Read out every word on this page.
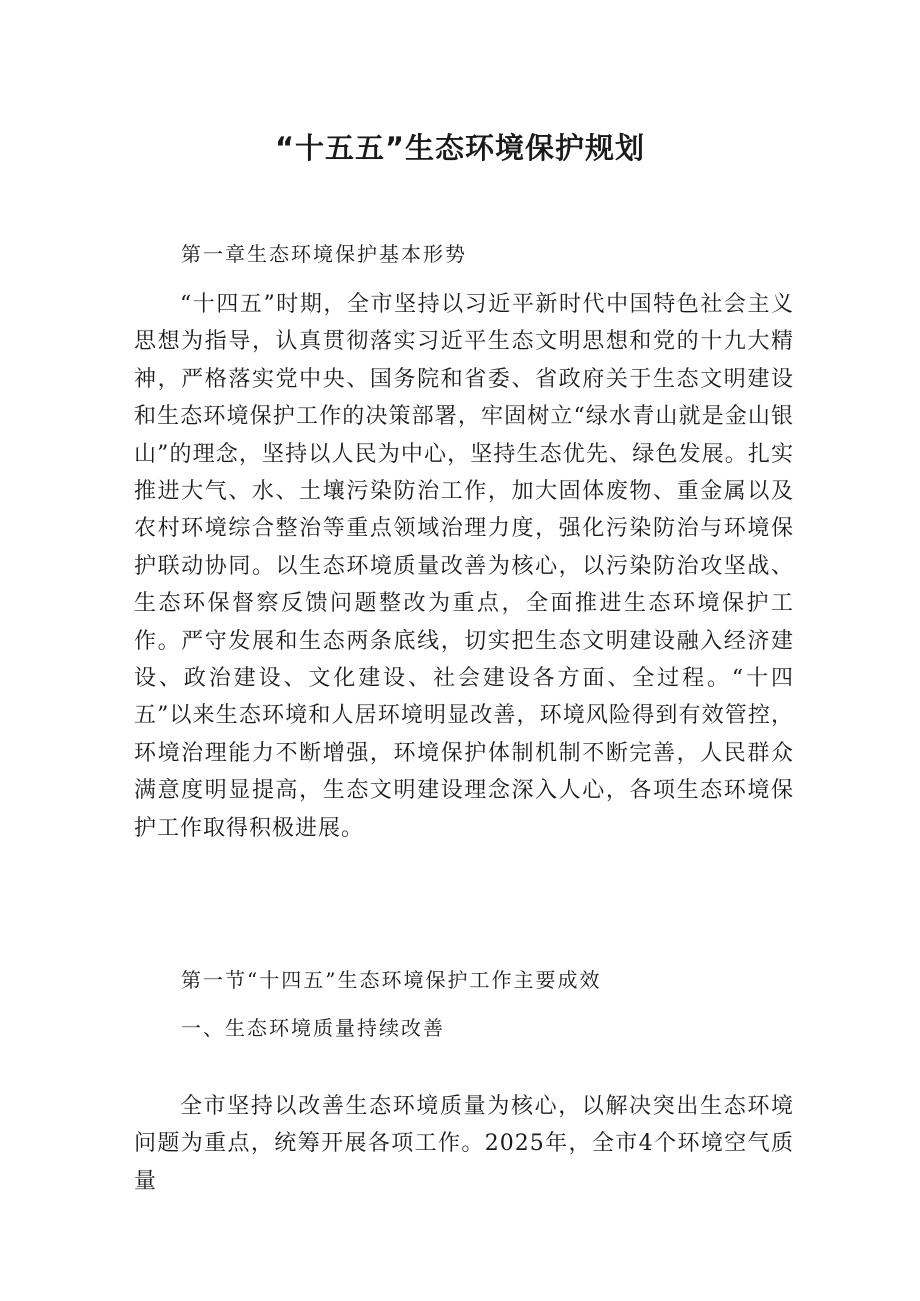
“十五五”生态环境保护规划

第一章生态环境保护基本形势

“十四五”时期，全市坚持以习近平新时代中国特色社会主义思想为指导，认真贯彻落实习近平生态文明思想和党的十九大精神，严格落实党中央、国务院和省委、省政府关于生态文明建设和生态环境保护工作的决策部署，牢固树立“绿水青山就是金山银山”的理念，坚持以人民为中心，坚持生态优先、绿色发展。扎实推进大气、水、土壤污染防治工作，加大固体废物、重金属以及农村环境综合整治等重点领域治理力度，强化污染防治与环境保护联动协同。以生态环境质量改善为核心，以污染防治攻坚战、生态环保督察反馈问题整改为重点，全面推进生态环境保护工作。严守发展和生态两条底线，切实把生态文明建设融入经济建设、政治建设、文化建设、社会建设各方面、全过程。“十四五”以来生态环境和人居环境明显改善，环境风险得到有效管控，环境治理能力不断增强，环境保护体制机制不断完善，人民群众满意度明显提高，生态文明建设理念深入人心，各项生态环境保护工作取得积极进展。

第一节“十四五”生态环境保护工作主要成效

一、生态环境质量持续改善

全市坚持以改善生态环境质量为核心，以解决突出生态环境问题为重点，统筹开展各项工作。2025年，全市4个环境空气质量
